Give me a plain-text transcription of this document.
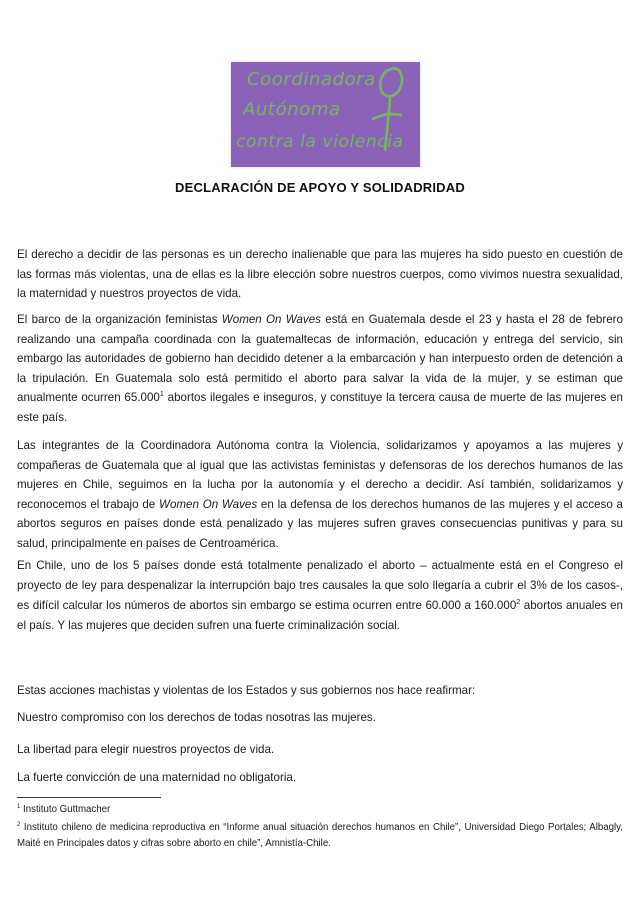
Coordinadora
Autónoma
contra la violencia
DECLARACIÓN DE APOYO Y SOLIDADRIDAD
El derecho a decidir de las personas es un derecho inalienable que para las mujeres ha sido puesto en cuestión de las formas más violentas, una de ellas es la libre elección sobre nuestros cuerpos, como vivimos nuestra sexualidad, la maternidad y nuestros proyectos de vida.
El barco de la organización feministas Women On Waves está en Guatemala desde el 23 y hasta el 28 de febrero realizando una campaña coordinada con la guatemaltecas de información, educación y entrega del servicio, sin embargo las autoridades de gobierno han decidido detener a la embarcación y han interpuesto orden de detención a la tripulación. En Guatemala solo está permitido el aborto para salvar la vida de la mujer, y se estiman que anualmente ocurren 65.000$^1$ abortos ilegales e inseguros, y constituye la tercera causa de muerte de las mujeres en este país.
Las integrantes de la Coordinadora Autónoma contra la Violencia, solidarizamos y apoyamos a las mujeres y compañeras de Guatemala que al igual que las activistas feministas y defensoras de los derechos humanos de las mujeres en Chile, seguimos en la lucha por la autonomía y el derecho a decidir. Así también, solidarizamos y reconocemos el trabajo de Women On Waves en la defensa de los derechos humanos de las mujeres y el acceso a abortos seguros en países donde está penalizado y las mujeres sufren graves consecuencias punitivas y para su salud, principalmente en países de Centroamérica.
En Chile, uno de los 5 países donde está totalmente penalizado el aborto – actualmente está en el Congreso el proyecto de ley para despenalizar la interrupción bajo tres causales la que solo llegaría a cubrir el 3% de los casos-, es difícil calcular los números de abortos sin embargo se estima ocurren entre 60.000 a 160.000$^2$ abortos anuales en el país. Y las mujeres que deciden sufren una fuerte criminalización social.
Estas acciones machistas y violentas de los Estados y sus gobiernos nos hace reafirmar:
Nuestro compromiso con los derechos de todas nosotras las mujeres.
La libertad para elegir nuestros proyectos de vida.
La fuerte convicción de una maternidad no obligatoria.
$^1$ Instituto Guttmacher
$^2$ Instituto chileno de medicina reproductiva en “Informe anual situación derechos humanos en Chile”, Universidad Diego Portales; Albagly, Maité en Principales datos y cifras sobre aborto en chile”, Amnistía-Chile.
